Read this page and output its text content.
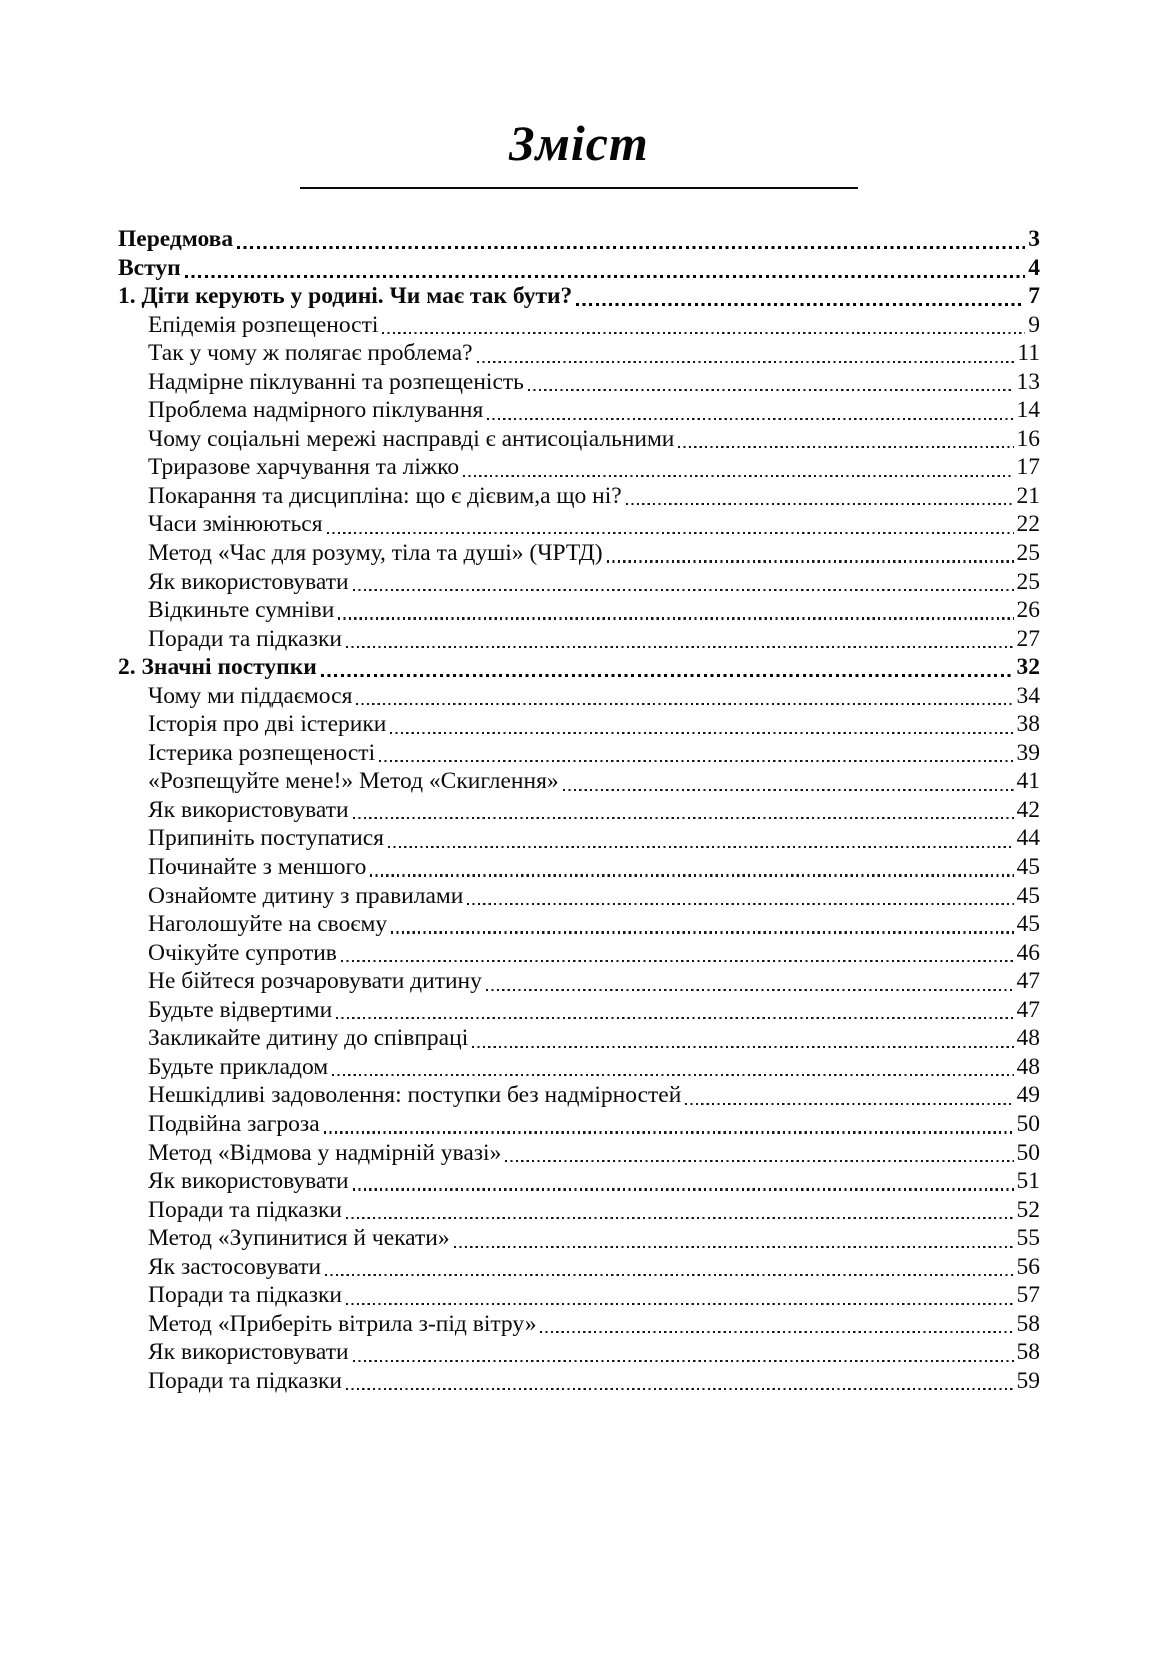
Зміст
Передмова	3
Вступ	4
1. Діти керують у родині. Чи має так бути?	7
Епідемія розпещеності	9
Так у чому ж полягає проблема?	11
Надмірне піклуванні та розпещеність	13
Проблема надмірного піклування	14
Чому соціальні мережі насправді є антисоціальними	16
Триразове харчування та ліжко	17
Покарання та дисципліна: що є дієвим,а що ні?	21
Часи змінюються	22
Метод «Час для розуму, тіла та душі» (ЧРТД)	25
Як використовувати	25
Відкиньте сумніви	26
Поради та підказки	27
2. Значні поступки	32
Чому ми піддаємося	34
Історія про дві істерики	38
Істерика розпещеності	39
«Розпещуйте мене!» Метод «Скиглення»	41
Як використовувати	42
Припиніть поступатися	44
Починайте з меншого	45
Ознайомте дитину з правилами	45
Наголошуйте на своєму	45
Очікуйте супротив	46
Не бійтеся розчаровувати дитину	47
Будьте відвертими	47
Закликайте дитину до співпраці	48
Будьте прикладом	48
Нешкідливі задоволення: поступки без надмірностей	49
Подвійна загроза	50
Метод «Відмова у надмірній увазі»	50
Як використовувати	51
Поради та підказки	52
Метод «Зупинитися й чекати»	55
Як застосовувати	56
Поради та підказки	57
Метод «Приберіть вітрила з-під вітру»	58
Як використовувати	58
Поради та підказки	59
